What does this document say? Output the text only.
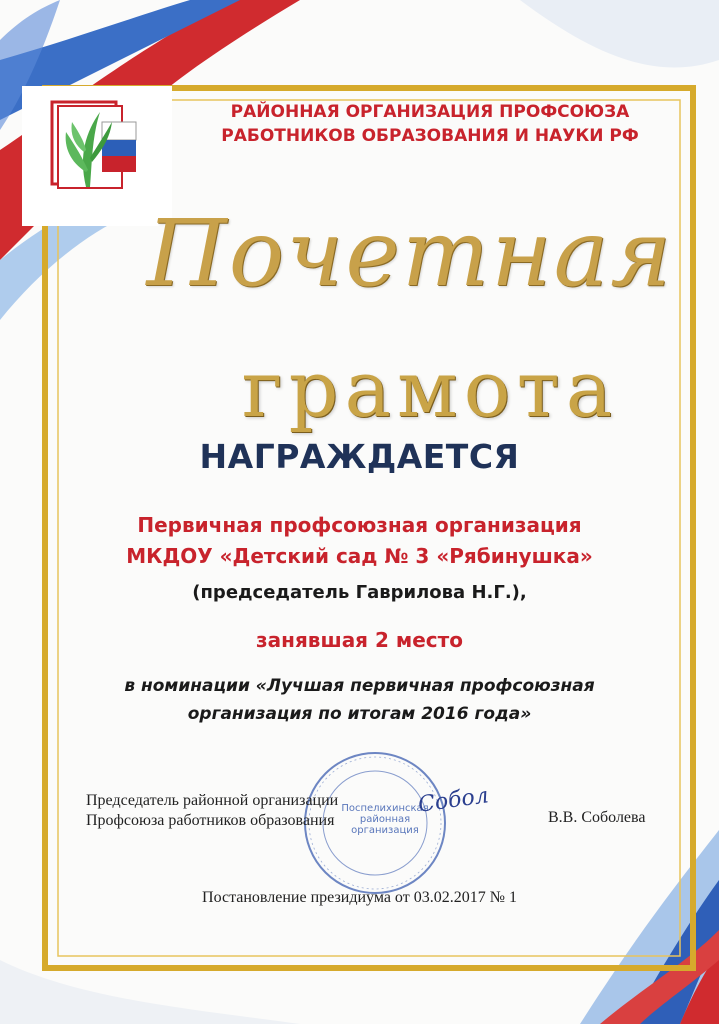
РАЙОННАЯ ОРГАНИЗАЦИЯ ПРОФСОЮЗА
РАБОТНИКОВ ОБРАЗОВАНИЯ И НАУКИ РФ
Почетная
грамота
НАГРАЖДАЕТСЯ
Первичная профсоюзная организация
МКДОУ «Детский сад № 3 «Рябинушка»
(председатель Гаврилова Н.Г.),
занявшая 2 место
в номинации «Лучшая первичная профсоюзная
организация по итогам 2016 года»
Поспелихинская
районная
организация
Председатель районной организации
Профсоюза работников образования
Собол	В.В. Соболева
Постановление президиума от 03.02.2017 № 1
